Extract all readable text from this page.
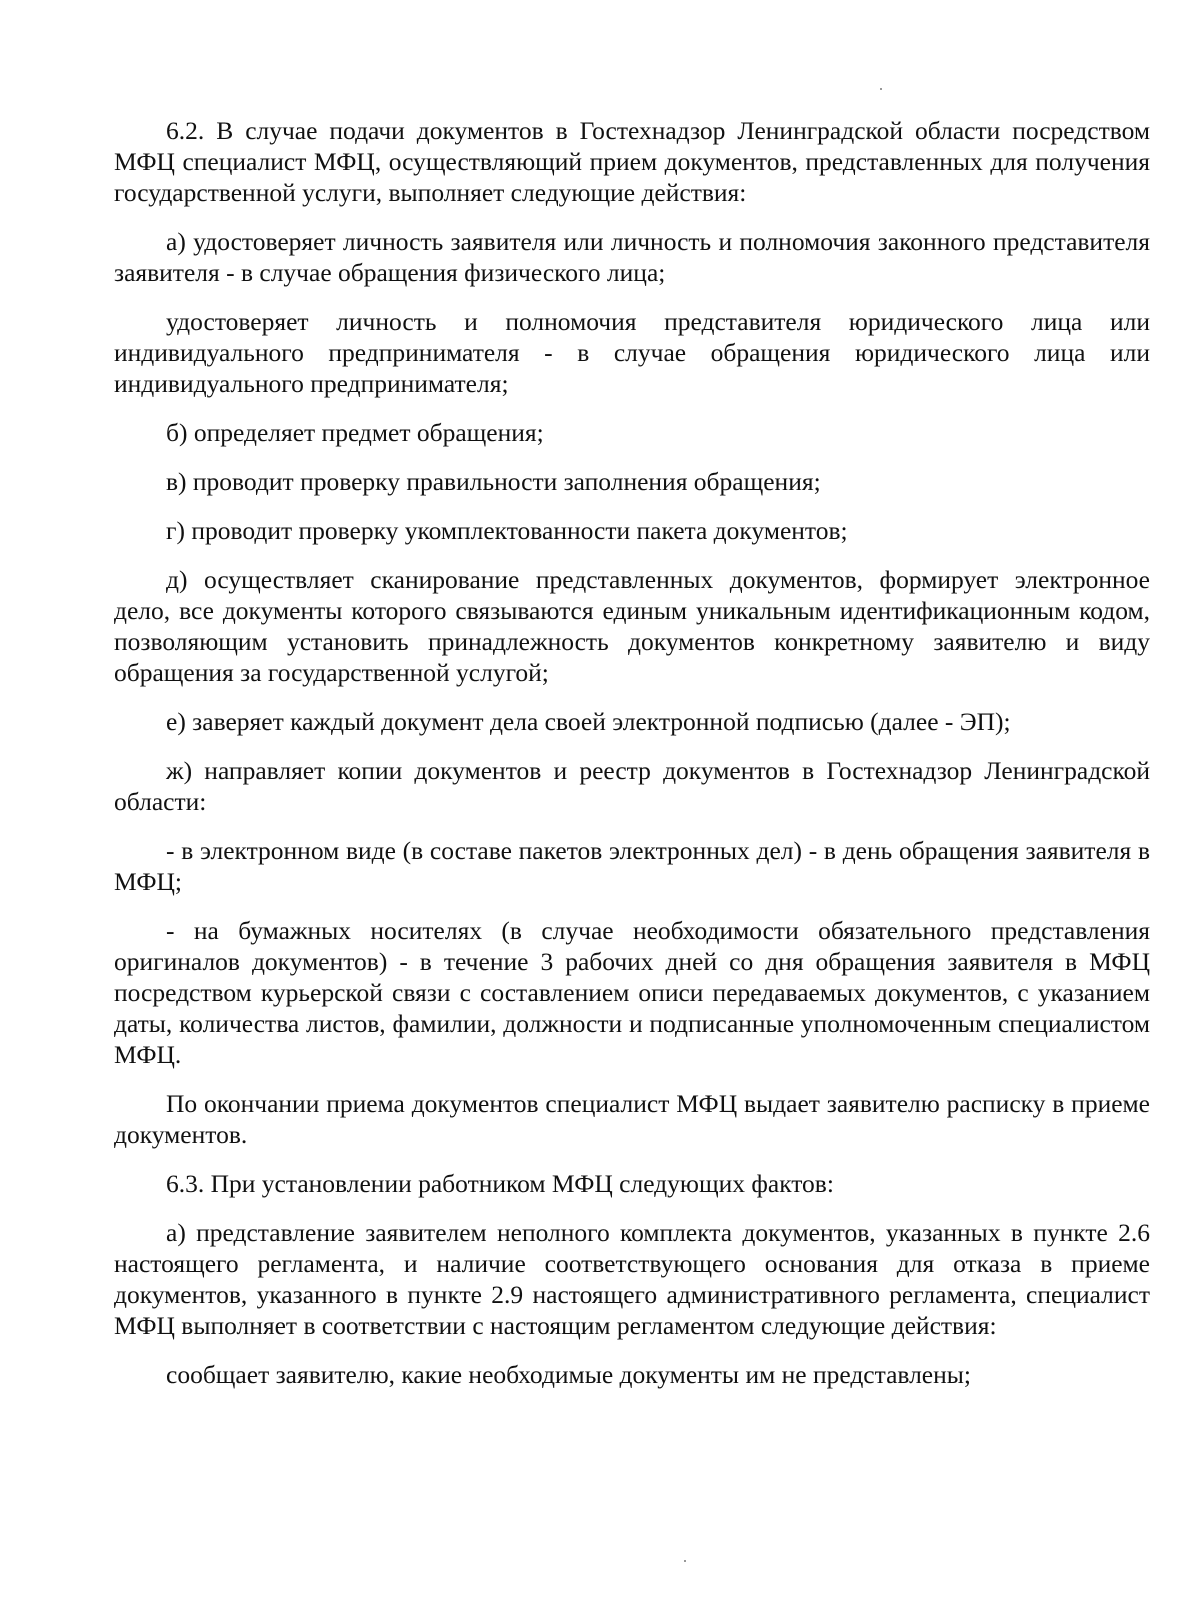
6.2. В случае подачи документов в Гостехнадзор Ленинградской области посредством МФЦ специалист МФЦ, осуществляющий прием документов, представленных для получения государственной услуги, выполняет следующие действия:

а) удостоверяет личность заявителя или личность и полномочия законного представителя заявителя - в случае обращения физического лица;

удостоверяет личность и полномочия представителя юридического лица или индивидуального предпринимателя - в случае обращения юридического лица или индивидуального предпринимателя;

б) определяет предмет обращения;

в) проводит проверку правильности заполнения обращения;

г) проводит проверку укомплектованности пакета документов;

д) осуществляет сканирование представленных документов, формирует электронное дело, все документы которого связываются единым уникальным идентификационным кодом, позволяющим установить принадлежность документов конкретному заявителю и виду обращения за государственной услугой;

е) заверяет каждый документ дела своей электронной подписью (далее - ЭП);

ж) направляет копии документов и реестр документов в Гостехнадзор Ленинградской области:

- в электронном виде (в составе пакетов электронных дел) - в день обращения заявителя в МФЦ;

- на бумажных носителях (в случае необходимости обязательного представления оригиналов документов) - в течение 3 рабочих дней со дня обращения заявителя в МФЦ посредством курьерской связи с составлением описи передаваемых документов, с указанием даты, количества листов, фамилии, должности и подписанные уполномоченным специалистом МФЦ.

По окончании приема документов специалист МФЦ выдает заявителю расписку в приеме документов.

6.3. При установлении работником МФЦ следующих фактов:

а) представление заявителем неполного комплекта документов, указанных в пункте 2.6 настоящего регламента, и наличие соответствующего основания для отказа в приеме документов, указанного в пункте 2.9 настоящего административного регламента, специалист МФЦ выполняет в соответствии с настоящим регламентом следующие действия:

сообщает заявителю, какие необходимые документы им не представлены;
